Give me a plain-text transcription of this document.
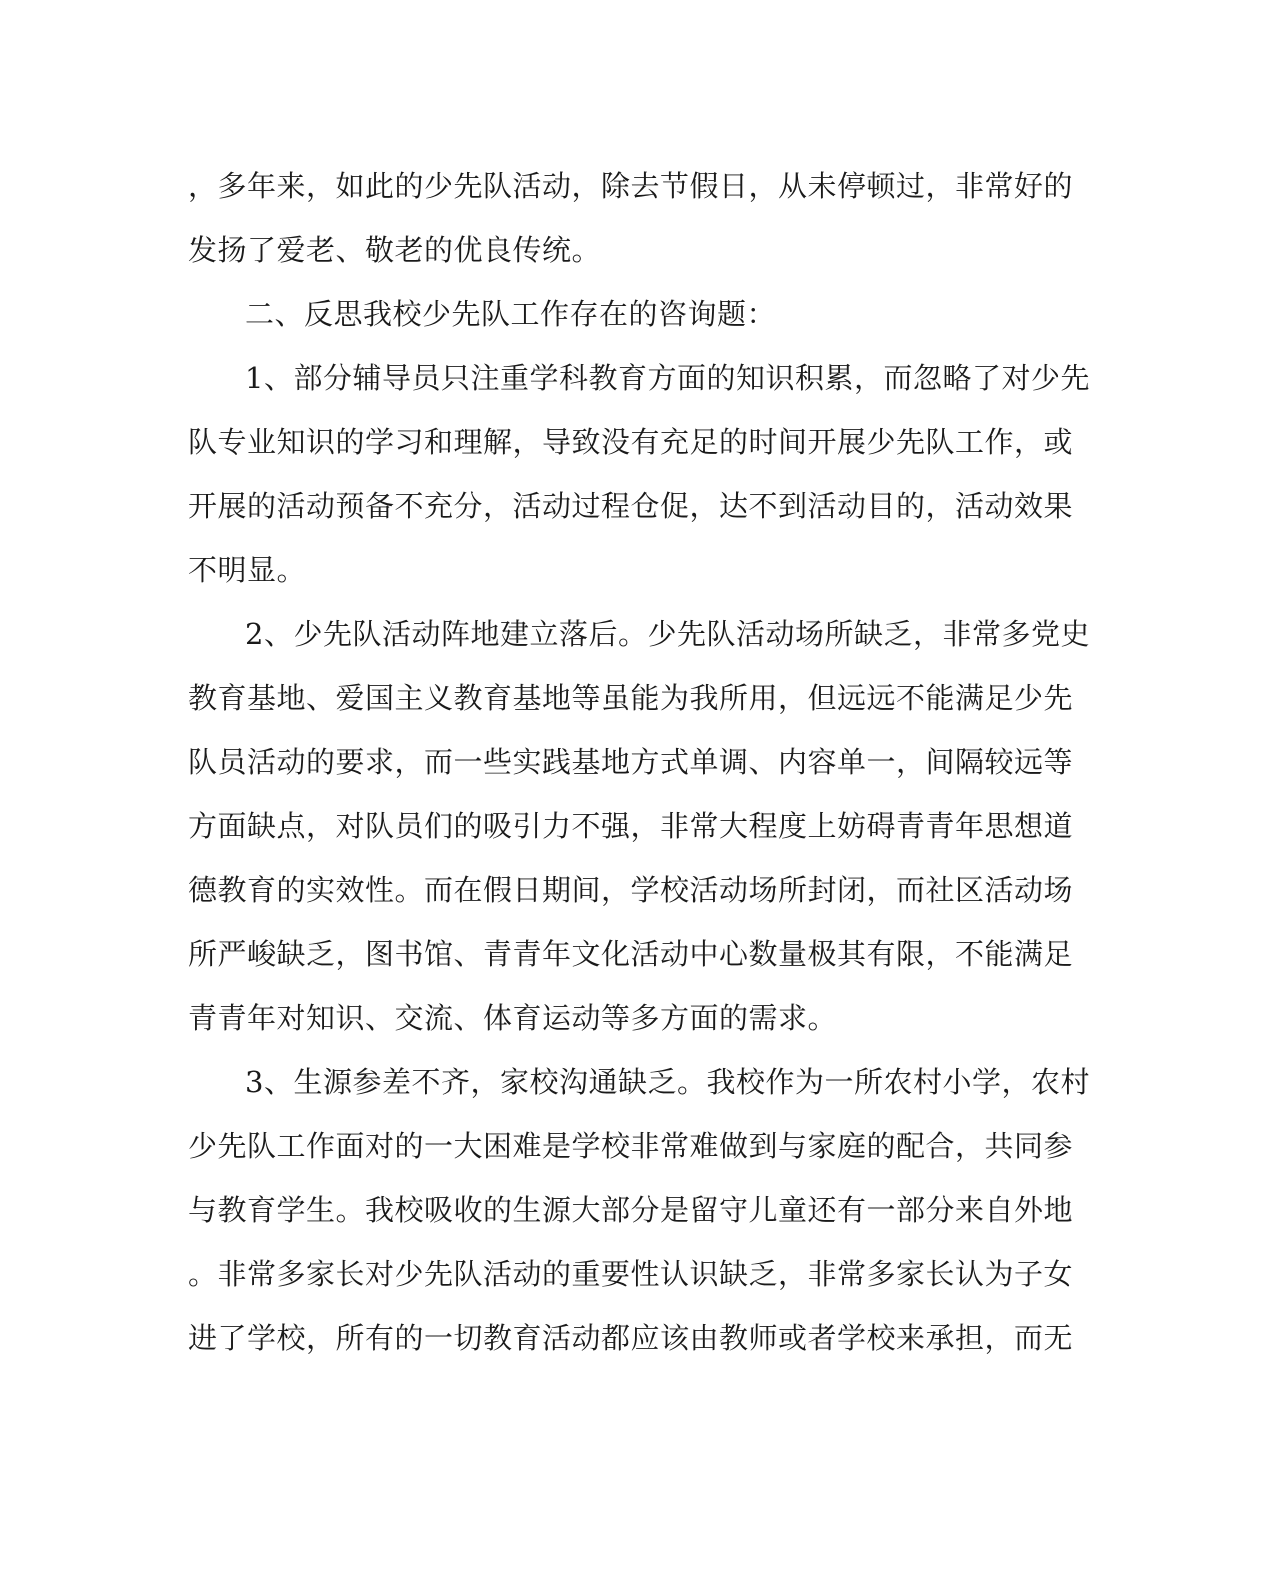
，多年来，如此的少先队活动，除去节假日，从未停顿过，非常好的
发扬了爱老、敬老的优良传统。
二、反思我校少先队工作存在的咨询题：
1、部分辅导员只注重学科教育方面的知识积累，而忽略了对少先
队专业知识的学习和理解，导致没有充足的时间开展少先队工作，或
开展的活动预备不充分，活动过程仓促，达不到活动目的，活动效果
不明显。
2、少先队活动阵地建立落后。少先队活动场所缺乏，非常多党史
教育基地、爱国主义教育基地等虽能为我所用，但远远不能满足少先
队员活动的要求，而一些实践基地方式单调、内容单一，间隔较远等
方面缺点，对队员们的吸引力不强，非常大程度上妨碍青青年思想道
德教育的实效性。而在假日期间，学校活动场所封闭，而社区活动场
所严峻缺乏，图书馆、青青年文化活动中心数量极其有限，不能满足
青青年对知识、交流、体育运动等多方面的需求。
3、生源参差不齐，家校沟通缺乏。我校作为一所农村小学，农村
少先队工作面对的一大困难是学校非常难做到与家庭的配合，共同参
与教育学生。我校吸收的生源大部分是留守儿童还有一部分来自外地
。非常多家长对少先队活动的重要性认识缺乏，非常多家长认为子女
进了学校，所有的一切教育活动都应该由教师或者学校来承担，而无
